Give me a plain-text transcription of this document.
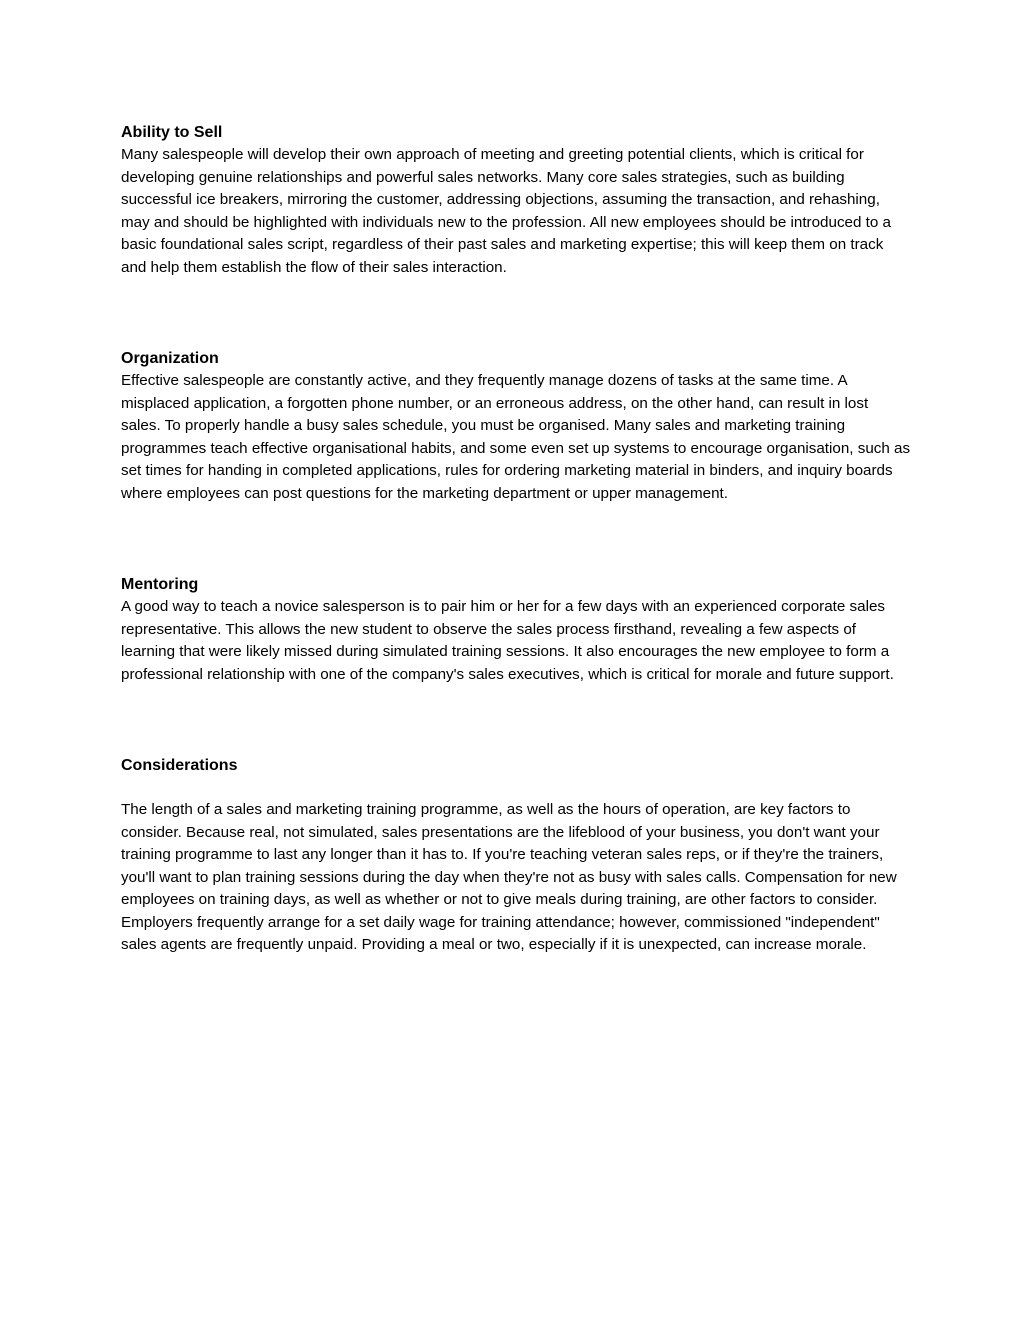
Ability to Sell

Many salespeople will develop their own approach of meeting and greeting potential clients, which is critical for developing genuine relationships and powerful sales networks. Many core sales strategies, such as building successful ice breakers, mirroring the customer, addressing objections, assuming the transaction, and rehashing, may and should be highlighted with individuals new to the profession. All new employees should be introduced to a basic foundational sales script, regardless of their past sales and marketing expertise; this will keep them on track and help them establish the flow of their sales interaction.

Organization

Effective salespeople are constantly active, and they frequently manage dozens of tasks at the same time. A misplaced application, a forgotten phone number, or an erroneous address, on the other hand, can result in lost sales. To properly handle a busy sales schedule, you must be organised. Many sales and marketing training programmes teach effective organisational habits, and some even set up systems to encourage organisation, such as set times for handing in completed applications, rules for ordering marketing material in binders, and inquiry boards where employees can post questions for the marketing department or upper management.

Mentoring

A good way to teach a novice salesperson is to pair him or her for a few days with an experienced corporate sales representative. This allows the new student to observe the sales process firsthand, revealing a few aspects of learning that were likely missed during simulated training sessions. It also encourages the new employee to form a professional relationship with one of the company's sales executives, which is critical for morale and future support.

Considerations

The length of a sales and marketing training programme, as well as the hours of operation, are key factors to consider. Because real, not simulated, sales presentations are the lifeblood of your business, you don't want your training programme to last any longer than it has to. If you're teaching veteran sales reps, or if they're the trainers, you'll want to plan training sessions during the day when they're not as busy with sales calls. Compensation for new employees on training days, as well as whether or not to give meals during training, are other factors to consider. Employers frequently arrange for a set daily wage for training attendance; however, commissioned "independent" sales agents are frequently unpaid. Providing a meal or two, especially if it is unexpected, can increase morale.
